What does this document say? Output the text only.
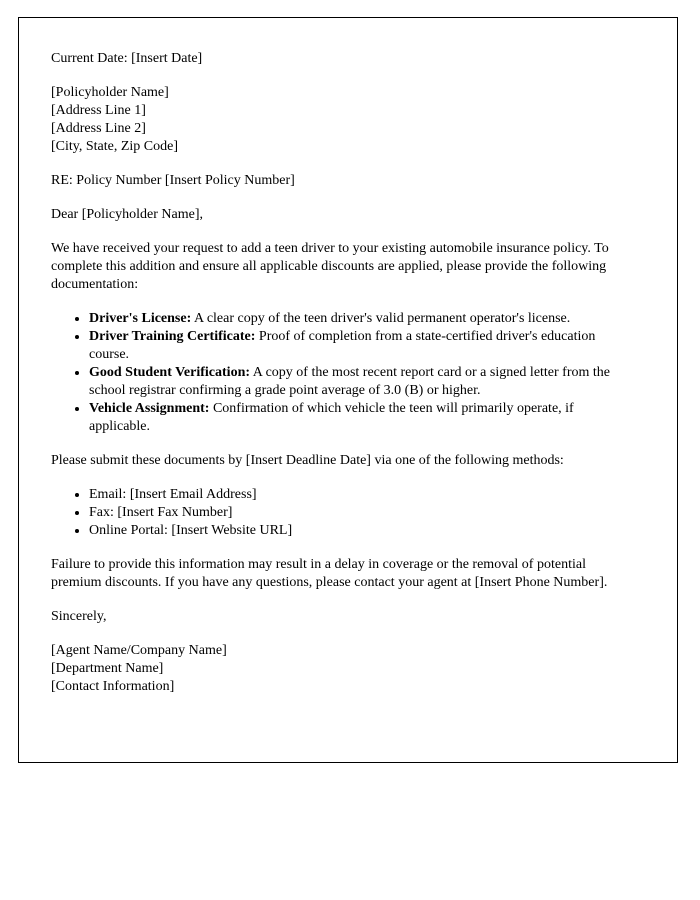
Current Date: [Insert Date]

[Policyholder Name]
[Address Line 1]
[Address Line 2]
[City, State, Zip Code]

RE: Policy Number [Insert Policy Number]

Dear [Policyholder Name],

We have received your request to add a teen driver to your existing automobile insurance policy. To complete this addition and ensure all applicable discounts are applied, please provide the following documentation:

• Driver's License: A clear copy of the teen driver's valid permanent operator's license.
• Driver Training Certificate: Proof of completion from a state-certified driver's education course.
• Good Student Verification: A copy of the most recent report card or a signed letter from the school registrar confirming a grade point average of 3.0 (B) or higher.
• Vehicle Assignment: Confirmation of which vehicle the teen will primarily operate, if applicable.

Please submit these documents by [Insert Deadline Date] via one of the following methods:

• Email: [Insert Email Address]
• Fax: [Insert Fax Number]
• Online Portal: [Insert Website URL]

Failure to provide this information may result in a delay in coverage or the removal of potential premium discounts. If you have any questions, please contact your agent at [Insert Phone Number].

Sincerely,

[Agent Name/Company Name]
[Department Name]
[Contact Information]
